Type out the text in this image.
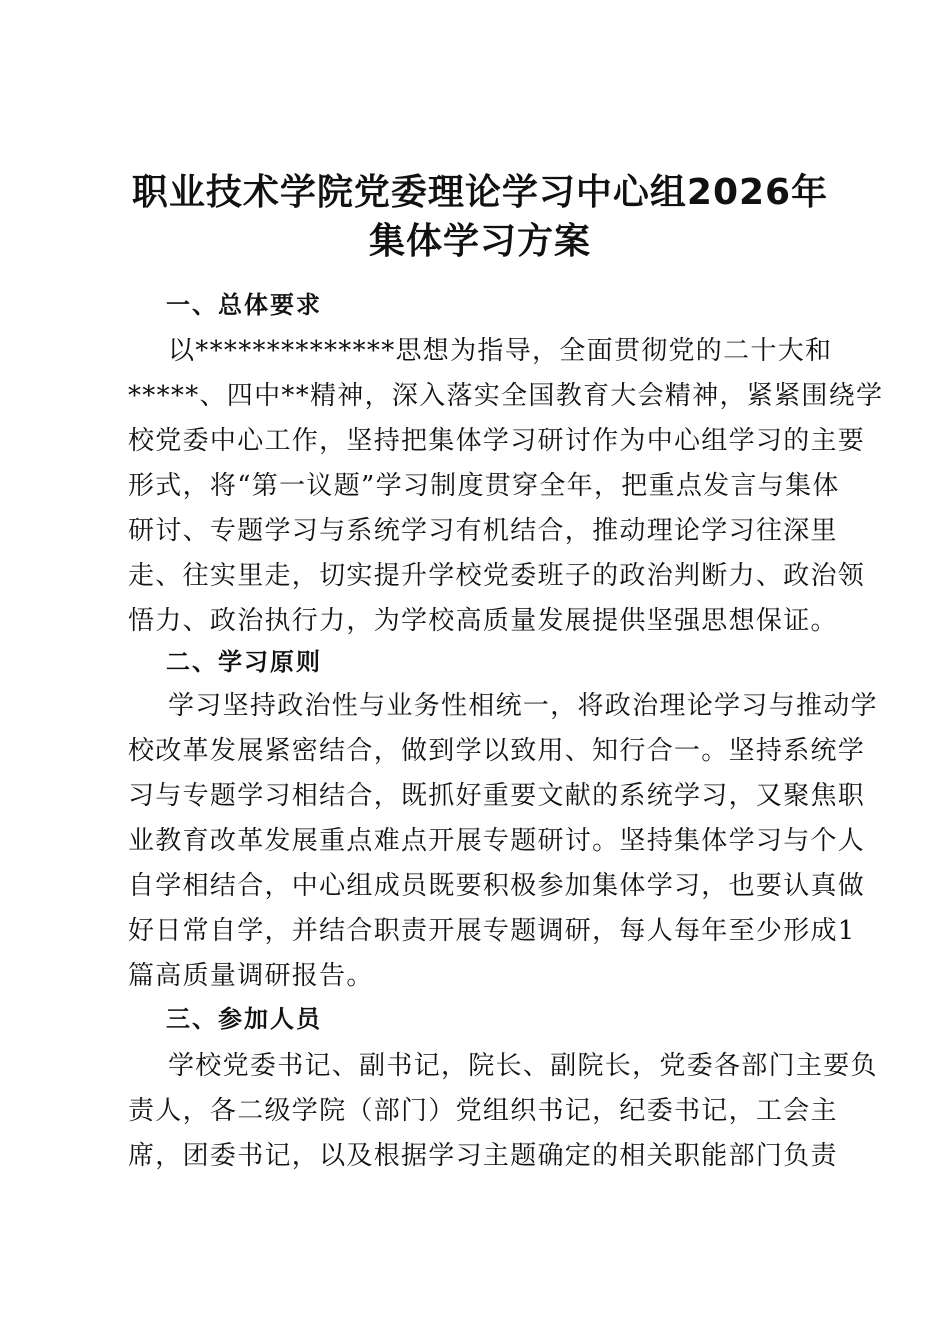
职业技术学院党委理论学习中心组2026年
集体学习方案
一、总体要求
以**************思想为指导，全面贯彻党的二十大和
*****、四中**精神，深入落实全国教育大会精神，紧紧围绕学
校党委中心工作，坚持把集体学习研讨作为中心组学习的主要
形式，将“第一议题”学习制度贯穿全年，把重点发言与集体
研讨、专题学习与系统学习有机结合，推动理论学习往深里
走、往实里走，切实提升学校党委班子的政治判断力、政治领
悟力、政治执行力，为学校高质量发展提供坚强思想保证。
二、学习原则
学习坚持政治性与业务性相统一，将政治理论学习与推动学
校改革发展紧密结合，做到学以致用、知行合一。坚持系统学
习与专题学习相结合，既抓好重要文献的系统学习，又聚焦职
业教育改革发展重点难点开展专题研讨。坚持集体学习与个人
自学相结合，中心组成员既要积极参加集体学习，也要认真做
好日常自学，并结合职责开展专题调研，每人每年至少形成1
篇高质量调研报告。
三、参加人员
学校党委书记、副书记，院长、副院长，党委各部门主要负
责人，各二级学院（部门）党组织书记，纪委书记，工会主
席，团委书记，以及根据学习主题确定的相关职能部门负责
